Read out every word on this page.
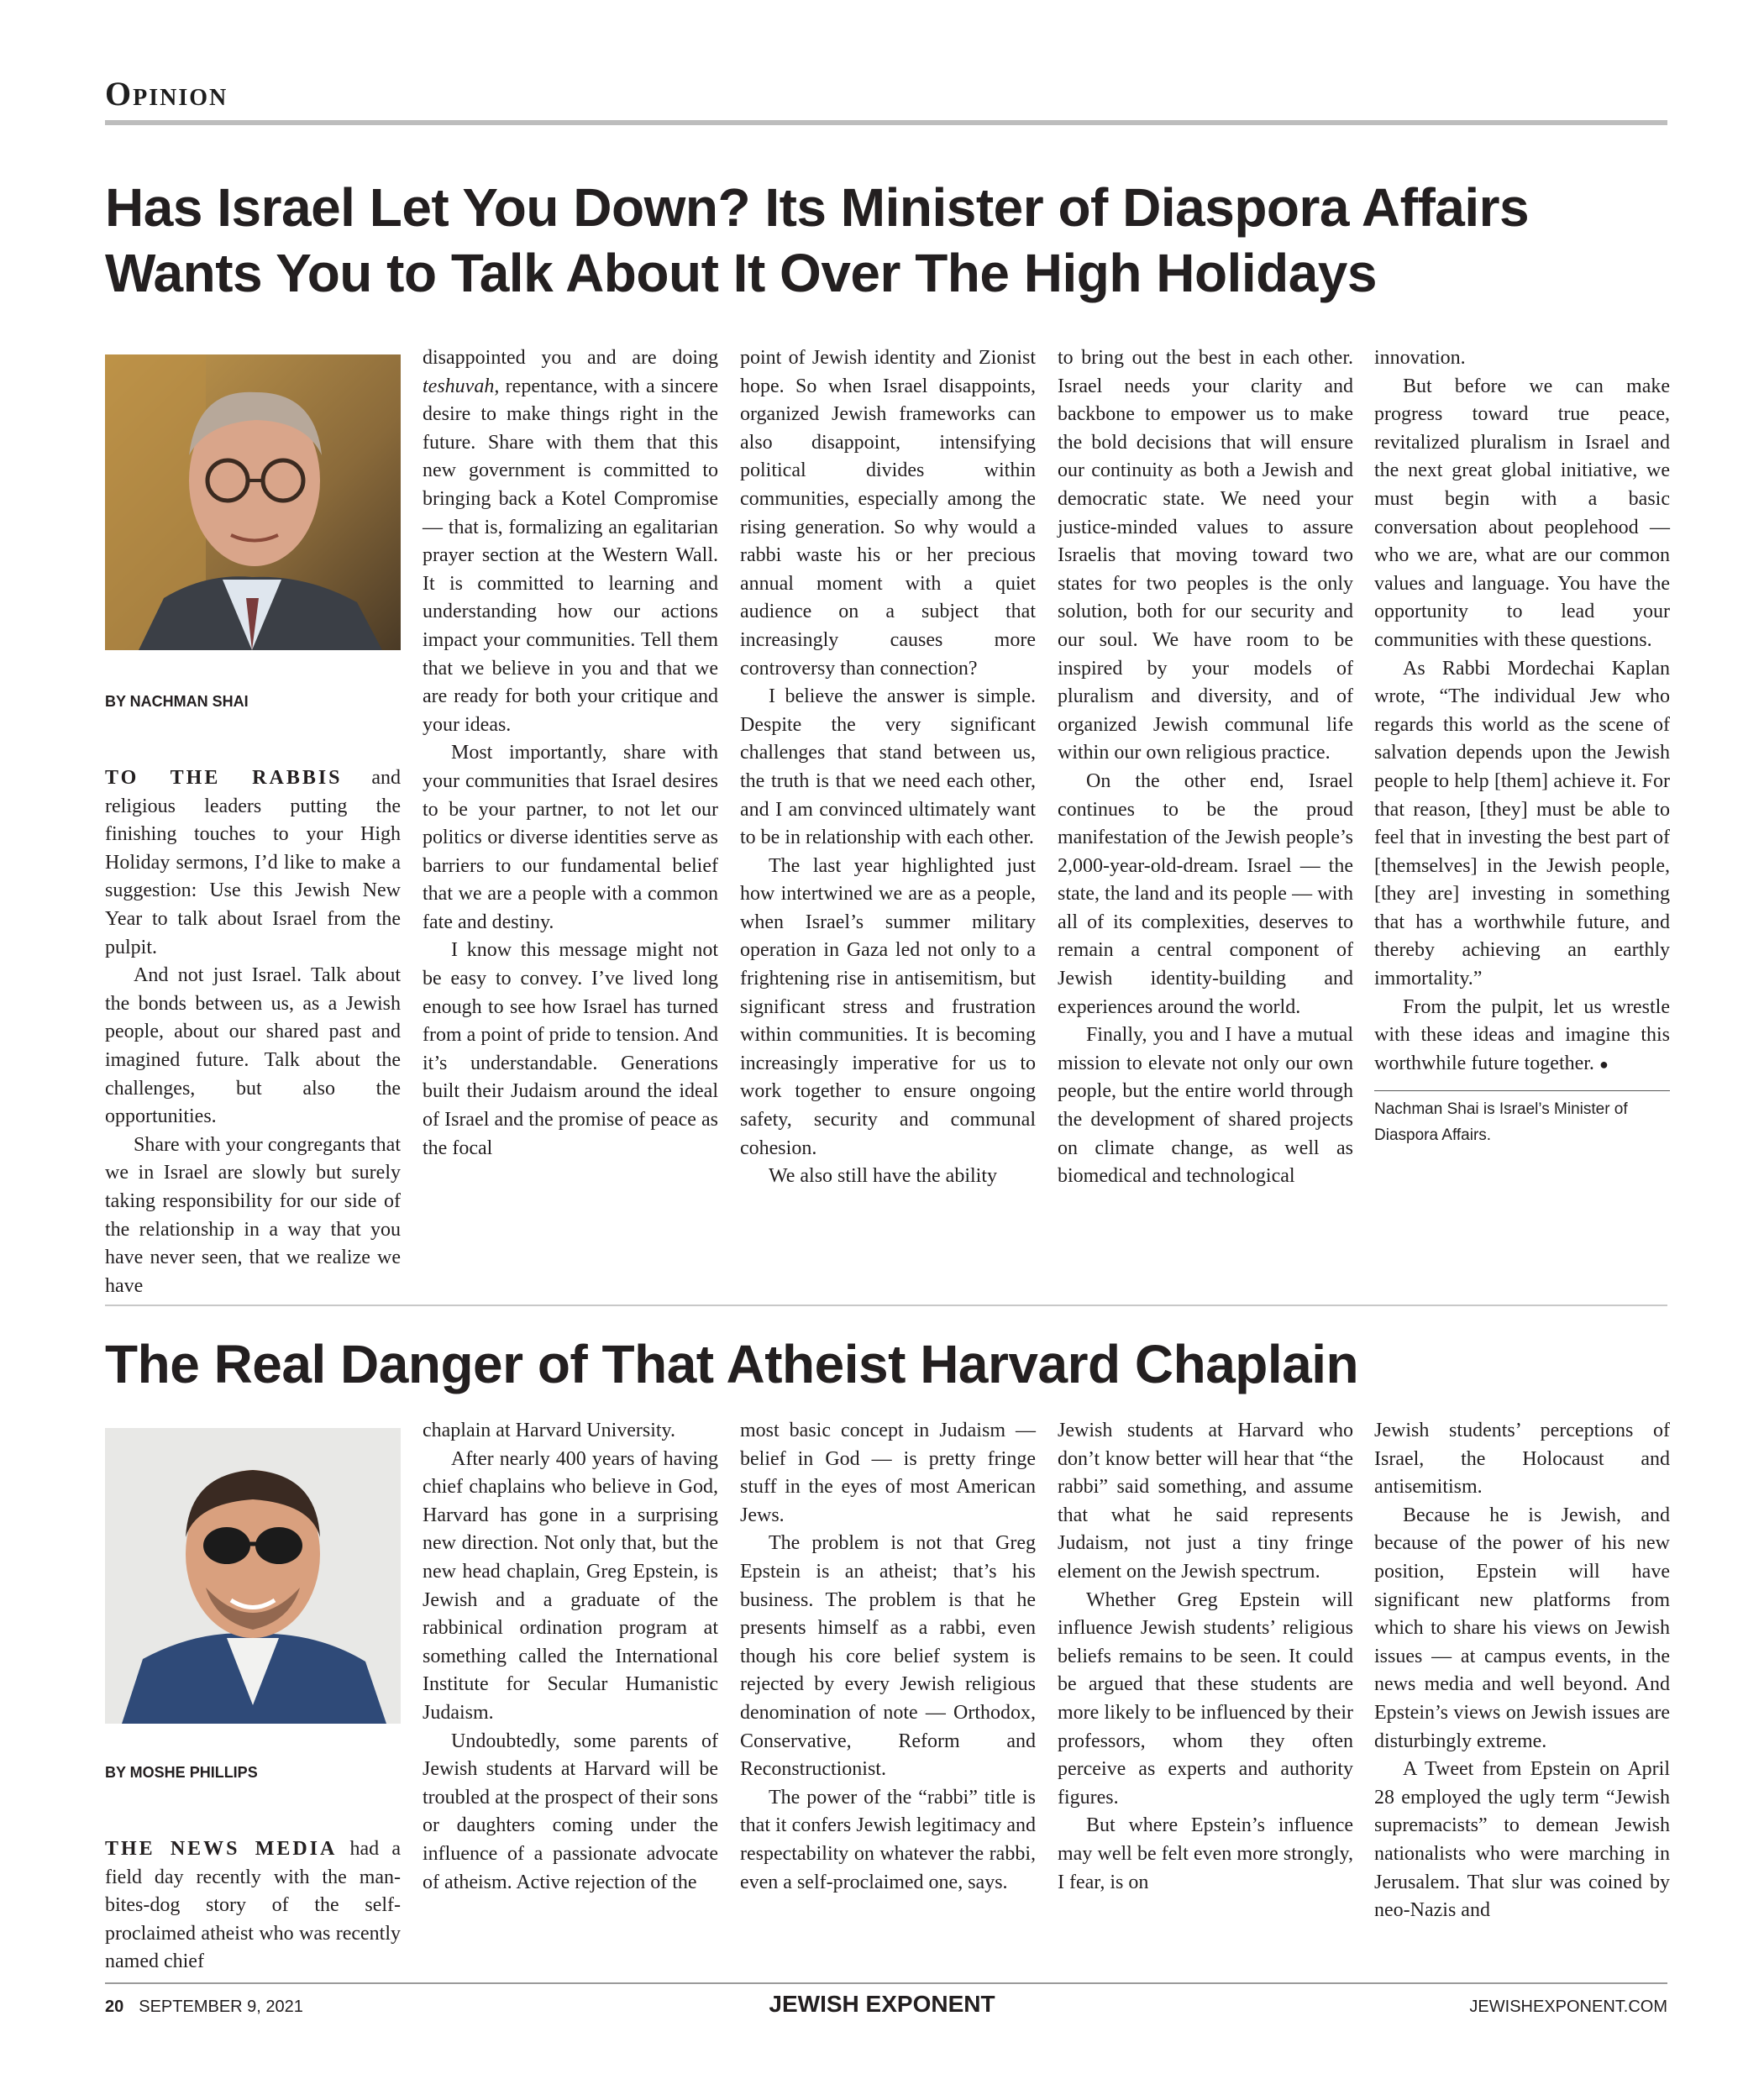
Opinion
Has Israel Let You Down? Its Minister of Diaspora Affairs
Wants You to Talk About It Over The High Holidays
BY NACHMAN SHAI

TO THE RABBIS and religious leaders putting the finishing touches to your High Holiday sermons, I’d like to make a suggestion: Use this Jewish New Year to talk about Israel from the pulpit.

And not just Israel. Talk about the bonds between us, as a Jewish people, about our shared past and imagined future. Talk about the challenges, but also the opportunities.

Share with your congregants that we in Israel are slowly but surely taking responsibility for our side of the relationship in a way that you have never seen, that we realize we have

disappointed you and are doing teshuvah, repentance, with a sincere desire to make things right in the future. Share with them that this new government is committed to bringing back a Kotel Compromise — that is, formalizing an egalitarian prayer section at the Western Wall. It is committed to learning and understanding how our actions impact your communities. Tell them that we believe in you and that we are ready for both your critique and your ideas.

Most importantly, share with your communities that Israel desires to be your partner, to not let our politics or diverse identities serve as barriers to our fundamental belief that we are a people with a common fate and destiny.

I know this message might not be easy to convey. I’ve lived long enough to see how Israel has turned from a point of pride to tension. And it’s understandable. Generations built their Judaism around the ideal of Israel and the promise of peace as the focal

point of Jewish identity and Zionist hope. So when Israel disappoints, organized Jewish frameworks can also disappoint, intensifying political divides within communities, especially among the rising generation. So why would a rabbi waste his or her precious annual moment with a quiet audience on a subject that increasingly causes more controversy than connection?

I believe the answer is simple. Despite the very significant challenges that stand between us, the truth is that we need each other, and I am convinced ultimately want to be in relationship with each other.

The last year highlighted just how intertwined we are as a people, when Israel’s summer military operation in Gaza led not only to a frightening rise in antisemitism, but significant stress and frustration within communities. It is becoming increasingly imperative for us to work together to ensure ongoing safety, security and communal cohesion.

We also still have the ability

to bring out the best in each other. Israel needs your clarity and backbone to empower us to make the bold decisions that will ensure our continuity as both a Jewish and democratic state. We need your justice-minded values to assure Israelis that moving toward two states for two peoples is the only solution, both for our security and our soul. We have room to be inspired by your models of pluralism and diversity, and of organized Jewish communal life within our own religious practice.

On the other end, Israel continues to be the proud manifestation of the Jewish people’s 2,000-year-old-dream. Israel — the state, the land and its people — with all of its complexities, deserves to remain a central component of Jewish identity-building and experiences around the world.

Finally, you and I have a mutual mission to elevate not only our own people, but the entire world through the development of shared projects on climate change, as well as biomedical and technological

innovation.

But before we can make progress toward true peace, revitalized pluralism in Israel and the next great global initiative, we must begin with a basic conversation about peoplehood — who we are, what are our common values and language. You have the opportunity to lead your communities with these questions.

As Rabbi Mordechai Kaplan wrote, “The individual Jew who regards this world as the scene of salvation depends upon the Jewish people to help [them] achieve it. For that reason, [they] must be able to feel that in investing the best part of [themselves] in the Jewish people, [they are] investing in something that has a worthwhile future, and thereby achieving an earthly immortality.”

From the pulpit, let us wrestle with these ideas and imagine this worthwhile future together. ●

Nachman Shai is Israel’s Minister of Diaspora Affairs.
The Real Danger of That Atheist Harvard Chaplain
BY MOSHE PHILLIPS

THE NEWS MEDIA had a field day recently with the man-bites-dog story of the self-proclaimed atheist who was recently named chief

chaplain at Harvard University.

After nearly 400 years of having chief chaplains who believe in God, Harvard has gone in a surprising new direction. Not only that, but the new head chaplain, Greg Epstein, is Jewish and a graduate of the rabbinical ordination program at something called the International Institute for Secular Humanistic Judaism.

Undoubtedly, some parents of Jewish students at Harvard will be troubled at the prospect of their sons or daughters coming under the influence of a passionate advocate of atheism. Active rejection of the

most basic concept in Judaism — belief in God — is pretty fringe stuff in the eyes of most American Jews.

The problem is not that Greg Epstein is an atheist; that’s his business. The problem is that he presents himself as a rabbi, even though his core belief system is rejected by every Jewish religious denomination of note — Orthodox, Conservative, Reform and Reconstructionist.

The power of the “rabbi” title is that it confers Jewish legitimacy and respectability on whatever the rabbi, even a self-proclaimed one, says.

Jewish students at Harvard who don’t know better will hear that “the rabbi” said something, and assume that what he said represents Judaism, not just a tiny fringe element on the Jewish spectrum.

Whether Greg Epstein will influence Jewish students’ religious beliefs remains to be seen. It could be argued that these students are more likely to be influenced by their professors, whom they often perceive as experts and authority figures.

But where Epstein’s influence may well be felt even more strongly, I fear, is on

Jewish students’ perceptions of Israel, the Holocaust and antisemitism.

Because he is Jewish, and because of the power of his new position, Epstein will have significant new platforms from which to share his views on Jewish issues — at campus events, in the news media and well beyond. And Epstein’s views on Jewish issues are disturbingly extreme.

A Tweet from Epstein on April 28 employed the ugly term “Jewish supremacists” to demean Jewish nationalists who were marching in Jerusalem. That slur was coined by neo-Nazis and

20 SEPTEMBER 9, 2021	JEWISH EXPONENT	JEWISHEXPONENT.COM
